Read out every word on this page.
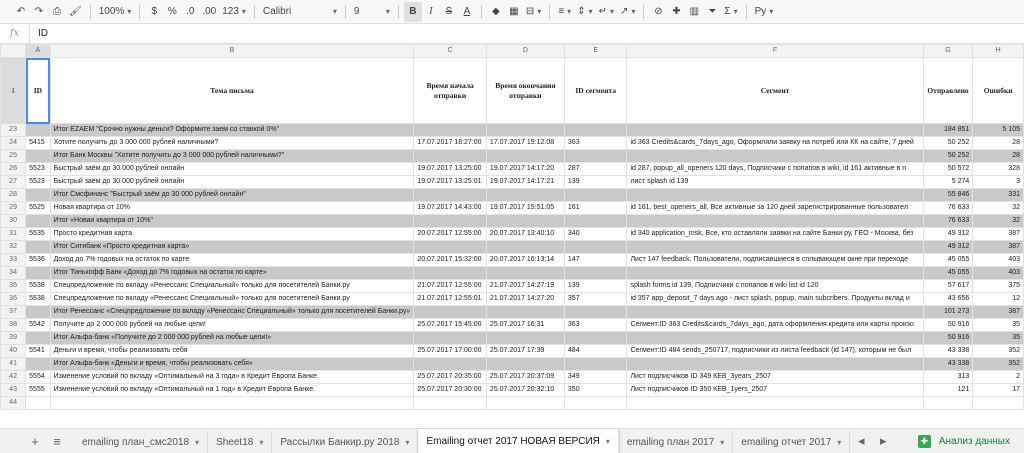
↶ ↷ ⎙ 🖌	100% ▾	$	% .0 .00 123 ▾	Calibri ▾	9 ▾	B	I	S	A	◆ ▦ ⊟ ▾	≡ ▾	⇕ ▾	↵ ▾	↗ ▾	⊘ ✚ ▥ ⏷ Σ ▾	Ру ▾
fx	ID
	A	B	C	D	E	F	G	H
1	ID	Тема письма	Время начала отправки	Время окончания отправки	ID сегмента	Сегмент	Отправлено	Ошибки
23		Итог EZAEM "Срочно нужны деньги? Оформите заем со ставкой 0%"					184 851	5 105
24	5415	Хотите получить до 3 000 000 рублей наличными?	17.07.2017 18:27:00	17.07.2017 19:12:08	363	id 363 Credits&cards_7days_ago, Оформляли заявку на потреб или КК на сайте, 7 дней	50 252	28
25		Итог Банк Москвы "Хотите получить до 3 000 000 рублей наличными?"					50 252	28
26	5523	Быстрый заём до 30 000 рублей онлайн	19.07.2017 13:25:00	19.07.2017 14:17:20	287	id 287, popup_all_openers 120 days, Подписчики с попапов в wiki, id 161 активные в п	50 572	328
27	5523	Быстрый заём до 30 000 рублей онлайн	19.07.2017 13:25:01	19.07.2017 14:17:21	139	лист splash id 139	5 274	3
28		Итог Смсфинанс "Быстрый заём до 30 000 рублей онлайн"					55 846	331
29	5525	Новая квартира от 10%	19.07.2017 14:43:00	19.07.2017 15:51:05	161	id 161, best_openers_all, Все активные за 120 дней зарегистрированные пользовател	76 633	32
30		Итог «Новая квартира от 10%"					76 633	32
31	5535	Просто кредитная карта	20.07.2017 12:55:00	20.07.2017 13:40:10	340	id 340 application_msk, Все, кто оставляли заявки на сайте Банки ру, ГЕО - Москва, без	49 312	387
32		Итог Ситибанк «Просто кредитная карта»					49 312	387
33	5536	Доход до 7% годовых на остаток по карте	20.07.2017 15:32:00	20.07.2017 16:13:14	147	Лист 147 feedback. Пользователи, подписавшиеся в сплывающем окне при переходе	45 055	403
34		Итог Тинькофф Банк «Доход до 7% годовых на остаток по карте»					45 055	403
35	5538	Спецпредложение по вкладу «Ренессанс Специальный» только для посетителей Банки.ру	21.07.2017 12:55:00	21.07.2017 14:27:19	139	splash forms id 139, Подписчики с попапов в wiki list id 120	57 617	375
36	5538	Спецпредложение по вкладу «Ренессанс Специальный» только для посетителей Банки.ру	21.07.2017 12:55:01	21.07.2017 14:27:20	357	id 357 app_deposit_7 days ago - лист splash, popup, main subcribers. Продукты вклад и	43 656	12
37		Итог Ренессанс «Спецпредложение по вкладу «Ренессанс Специальный» только для посетителей Банки.ру»					101 273	387
38	5542	Получите до 2 000 000 рублей на любые цели!	25.07.2017 15:45:00	25.07.2017 16:31	363	Сегмент:ID 363 Credits&cards_7days_ago, дата оформления кредита или карты произо	50 916	35
39		Итог Альфа-банк «Получите до 2 000 000 рублей на любые цели!»					50 916	35
40	5541	Деньги и время, чтобы реализовать себя	25.07.2017 17:00:00	25.07.2017 17:39	484	Сегмент:ID 484 sends_250717, подписчики из листа feedback (id 147), которым не был	43 338	352
41		Итог Альфа-банк «Деньги и время, чтобы реализовать себя»					43 338	352
42	5554	Изменение условий по вкладу «Оптимальный на 3 года» в Кредит Европа Банке.	25.07.2017 20:35:00	25.07.2017 20:37:09	349	Лист подписчиков ID 349 КЕВ_3years_2507	313	2
43	5555	Изменение условий по вкладу «Оптимальный на 1 год» в Кредит Европа Банке.	25.07.2017 20:30:00	25.07.2017 20:32:10	350	Лист подписчиков ID 350 КЕВ_1yers_2507	121	17
44								
+	≡	emailing план_смс2018 ▾ Sheet18 ▾ Рассылки Банкир.ру 2018 ▾ Emailing отчет 2017 НОВАЯ ВЕРСИЯ ▾ emailing план 2017 ▾ emailing отчет 2017 ▾	◂	▸	✚ Анализ данных
